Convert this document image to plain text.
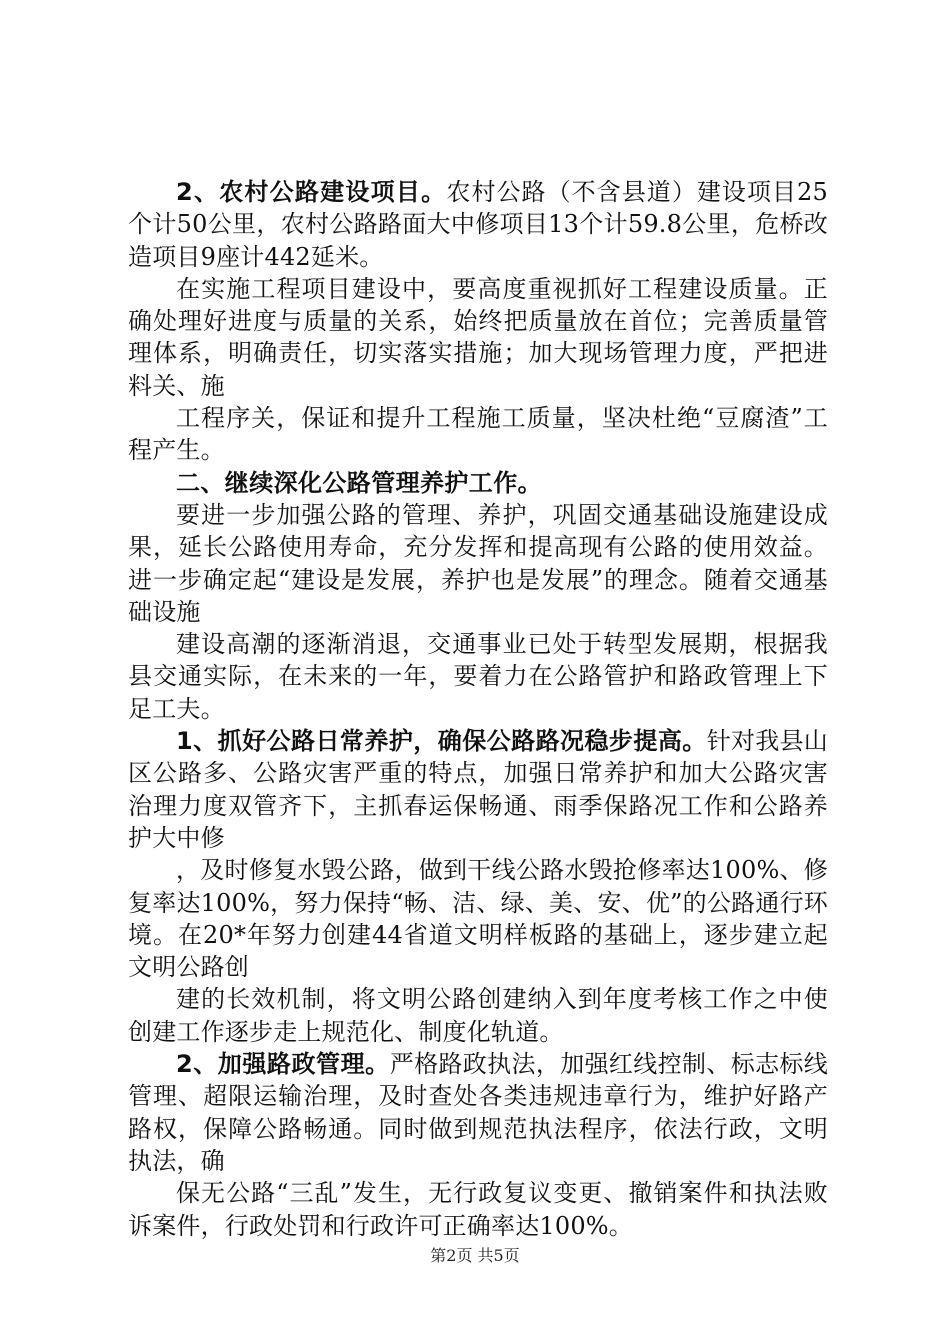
2、农村公路建设项目。农村公路（不含县道）建设项目25个计50公里，农村公路路面大中修项目13个计59.8公里，危桥改造项目9座计442延米。

在实施工程项目建设中，要高度重视抓好工程建设质量。正确处理好进度与质量的关系，始终把质量放在首位；完善质量管理体系，明确责任，切实落实措施；加大现场管理力度，严把进料关、施

工程序关，保证和提升工程施工质量，坚决杜绝“豆腐渣”工程产生。

二、继续深化公路管理养护工作。

要进一步加强公路的管理、养护，巩固交通基础设施建设成果，延长公路使用寿命，充分发挥和提高现有公路的使用效益。进一步确定起“建设是发展，养护也是发展”的理念。随着交通基础设施

建设高潮的逐渐消退，交通事业已处于转型发展期，根据我县交通实际，在未来的一年，要着力在公路管护和路政管理上下足工夫。

1、抓好公路日常养护，确保公路路况稳步提高。针对我县山区公路多、公路灾害严重的特点，加强日常养护和加大公路灾害治理力度双管齐下，主抓春运保畅通、雨季保路况工作和公路养护大中修

，及时修复水毁公路，做到干线公路水毁抢修率达100%、修复率达100%，努力保持“畅、洁、绿、美、安、优”的公路通行环境。在20*年努力创建44省道文明样板路的基础上，逐步建立起文明公路创

建的长效机制，将文明公路创建纳入到年度考核工作之中使创建工作逐步走上规范化、制度化轨道。

2、加强路政管理。严格路政执法，加强红线控制、标志标线管理、超限运输治理，及时查处各类违规违章行为，维护好路产路权，保障公路畅通。同时做到规范执法程序，依法行政，文明执法，确

保无公路“三乱”发生，无行政复议变更、撤销案件和执法败诉案件，行政处罚和行政许可正确率达100%。

第2页 共5页
